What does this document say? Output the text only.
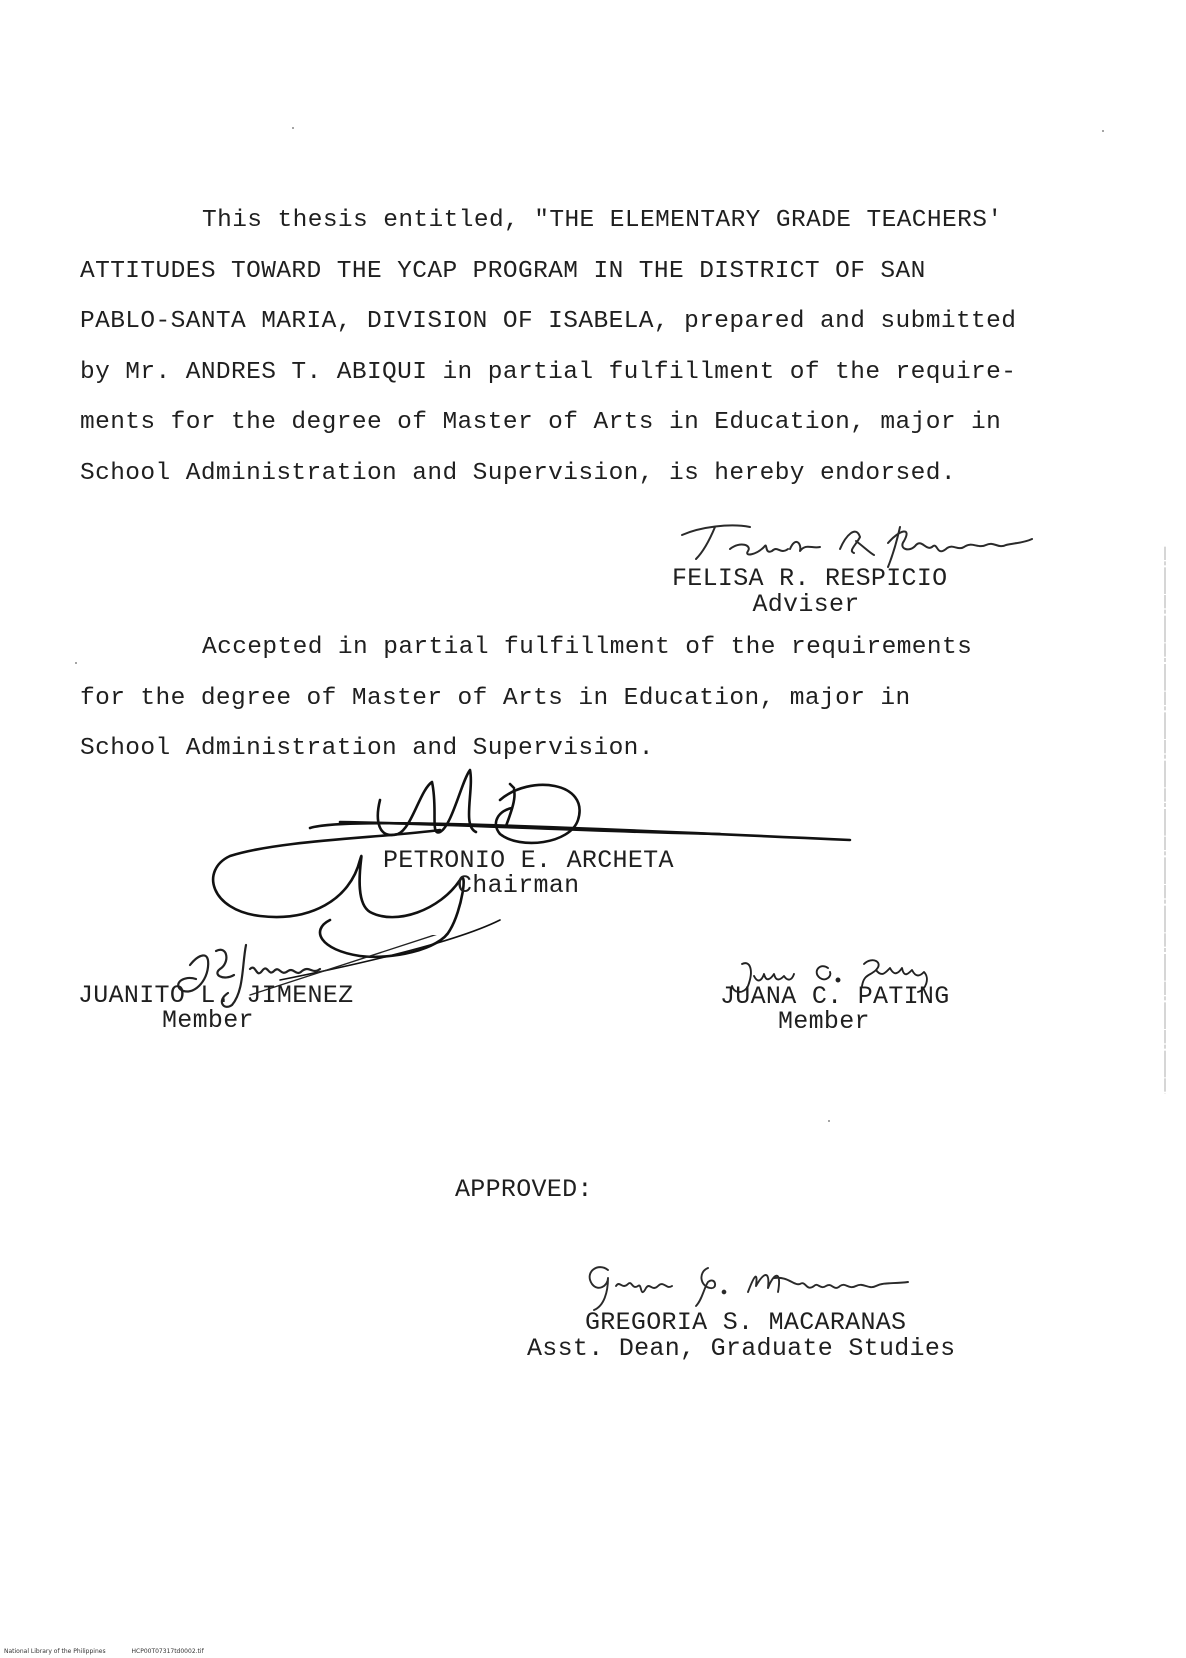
This thesis entitled, "THE ELEMENTARY GRADE TEACHERS'
ATTITUDES TOWARD THE YCAP PROGRAM IN THE DISTRICT OF SAN
PABLO-SANTA MARIA, DIVISION OF ISABELA, prepared and submitted
by Mr. ANDRES T. ABIQUI in partial fulfillment of the require-
ments for the degree of Master of Arts in Education, major in
School Administration and Supervision, is hereby endorsed.
FELISA R. RESPICIO
Adviser
Accepted in partial fulfillment of the requirements
for the degree of Master of Arts in Education, major in
School Administration and Supervision.
PETRONIO E. ARCHETA
Chairman
JUANITO L. JIMENEZ
Member
JUANA C. PATING
Member
APPROVED:
GREGORIA S. MACARANAS
Asst. Dean, Graduate Studies
National Library of the Philippines	HCP00T07317td0002.tif
